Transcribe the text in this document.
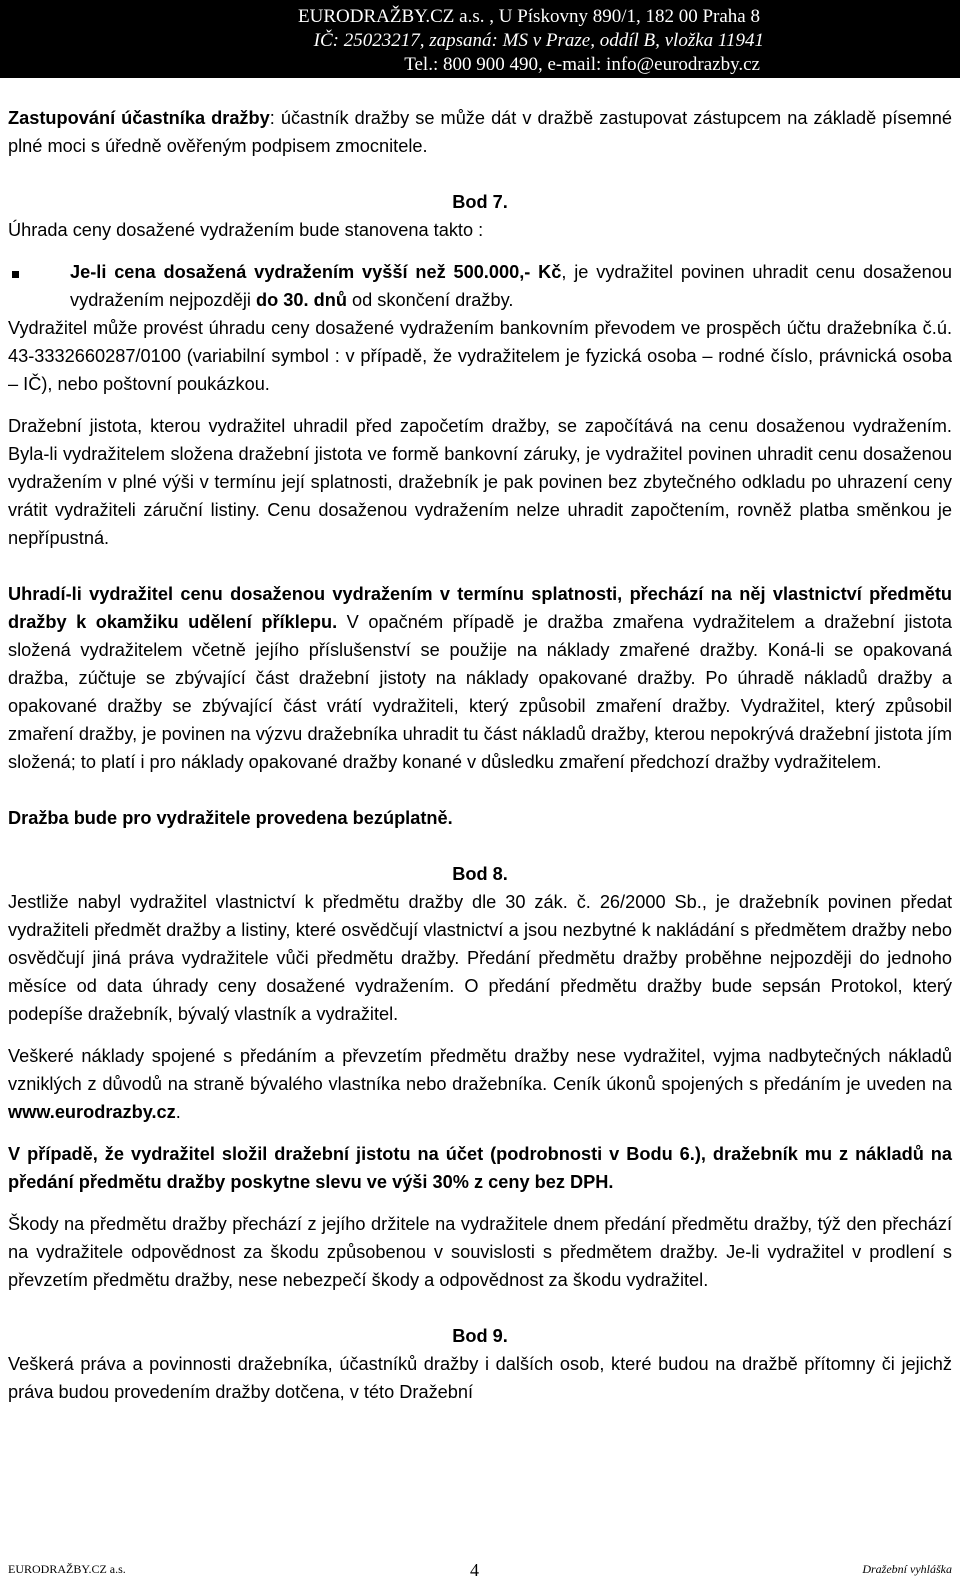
EURODRAŽBY.CZ a.s. , U Pískovny 890/1, 182 00 Praha 8
IČ: 25023217, zapsaná: MS v Praze, oddíl B, vložka 11941
Tel.: 800 900 490, e-mail: info@eurodrazby.cz

Zastupování účastníka dražby: účastník dražby se může dát v dražbě zastupovat zástupcem na základě písemné plné moci s úředně ověřeným podpisem zmocnitele.

Bod 7.

Úhrada ceny dosažené vydražením bude stanovena takto :

Je-li cena dosažená vydražením vyšší než 500.000,- Kč, je vydražitel povinen uhradit cenu dosaženou vydražením nejpozději do 30. dnů od skončení dražby.

Vydražitel může provést úhradu ceny dosažené vydražením bankovním převodem ve prospěch účtu dražebníka č.ú. 43-3332660287/0100 (variabilní symbol : v případě, že vydražitelem je fyzická osoba – rodné číslo, právnická osoba – IČ), nebo poštovní poukázkou.

Dražební jistota, kterou vydražitel uhradil před započetím dražby, se započítává na cenu dosaženou vydražením. Byla-li vydražitelem složena dražební jistota ve formě bankovní záruky, je vydražitel povinen uhradit cenu dosaženou vydražením v plné výši v termínu její splatnosti, dražebník je pak povinen bez zbytečného odkladu po uhrazení ceny vrátit vydražiteli záruční listiny. Cenu dosaženou vydražením nelze uhradit započtením, rovněž platba směnkou je nepřípustná.

Uhradí-li vydražitel cenu dosaženou vydražením v termínu splatnosti, přechází na něj vlastnictví předmětu dražby k okamžiku udělení příklepu. V opačném případě je dražba zmařena vydražitelem a dražební jistota složená vydražitelem včetně jejího příslušenství se použije na náklady zmařené dražby. Koná-li se opakovaná dražba, zúčtuje se zbývající část dražební jistoty na náklady opakované dražby. Po úhradě nákladů dražby a opakované dražby se zbývající část vrátí vydražiteli, který způsobil zmaření dražby. Vydražitel, který způsobil zmaření dražby, je povinen na výzvu dražebníka uhradit tu část nákladů dražby, kterou nepokrývá dražební jistota jím složená; to platí i pro náklady opakované dražby konané v důsledku zmaření předchozí dražby vydražitelem.

Dražba bude pro vydražitele provedena bezúplatně.

Bod 8.

Jestliže nabyl vydražitel vlastnictví k předmětu dražby dle 30 zák. č. 26/2000 Sb., je dražebník povinen předat vydražiteli předmět dražby a listiny, které osvědčují vlastnictví a jsou nezbytné k nakládání s předmětem dražby nebo osvědčují jiná práva vydražitele vůči předmětu dražby. Předání předmětu dražby proběhne nejpozději do jednoho měsíce od data úhrady ceny dosažené vydražením. O předání předmětu dražby bude sepsán Protokol, který podepíše dražebník, bývalý vlastník a vydražitel.

Veškeré náklady spojené s předáním a převzetím předmětu dražby nese vydražitel, vyjma nadbytečných nákladů vzniklých z důvodů na straně bývalého vlastníka nebo dražebníka. Ceník úkonů spojených s předáním je uveden na www.eurodrazby.cz.

V případě, že vydražitel složil dražební jistotu na účet (podrobnosti v Bodu 6.), dražebník mu z nákladů na předání předmětu dražby poskytne slevu ve výši 30% z ceny bez DPH.

Škody na předmětu dražby přechází z jejího držitele na vydražitele dnem předání předmětu dražby, týž den přechází na vydražitele odpovědnost za škodu způsobenou v souvislosti s předmětem dražby. Je-li vydražitel v prodlení s převzetím předmětu dražby, nese nebezpečí škody a odpovědnost za škodu vydražitel.

Bod 9.

Veškerá práva a povinnosti dražebníka, účastníků dražby i dalších osob, které budou na dražbě přítomny či jejichž práva budou provedením dražby dotčena, v této Dražební

EURODRAŽBY.CZ a.s.	4	Dražební vyhláška
